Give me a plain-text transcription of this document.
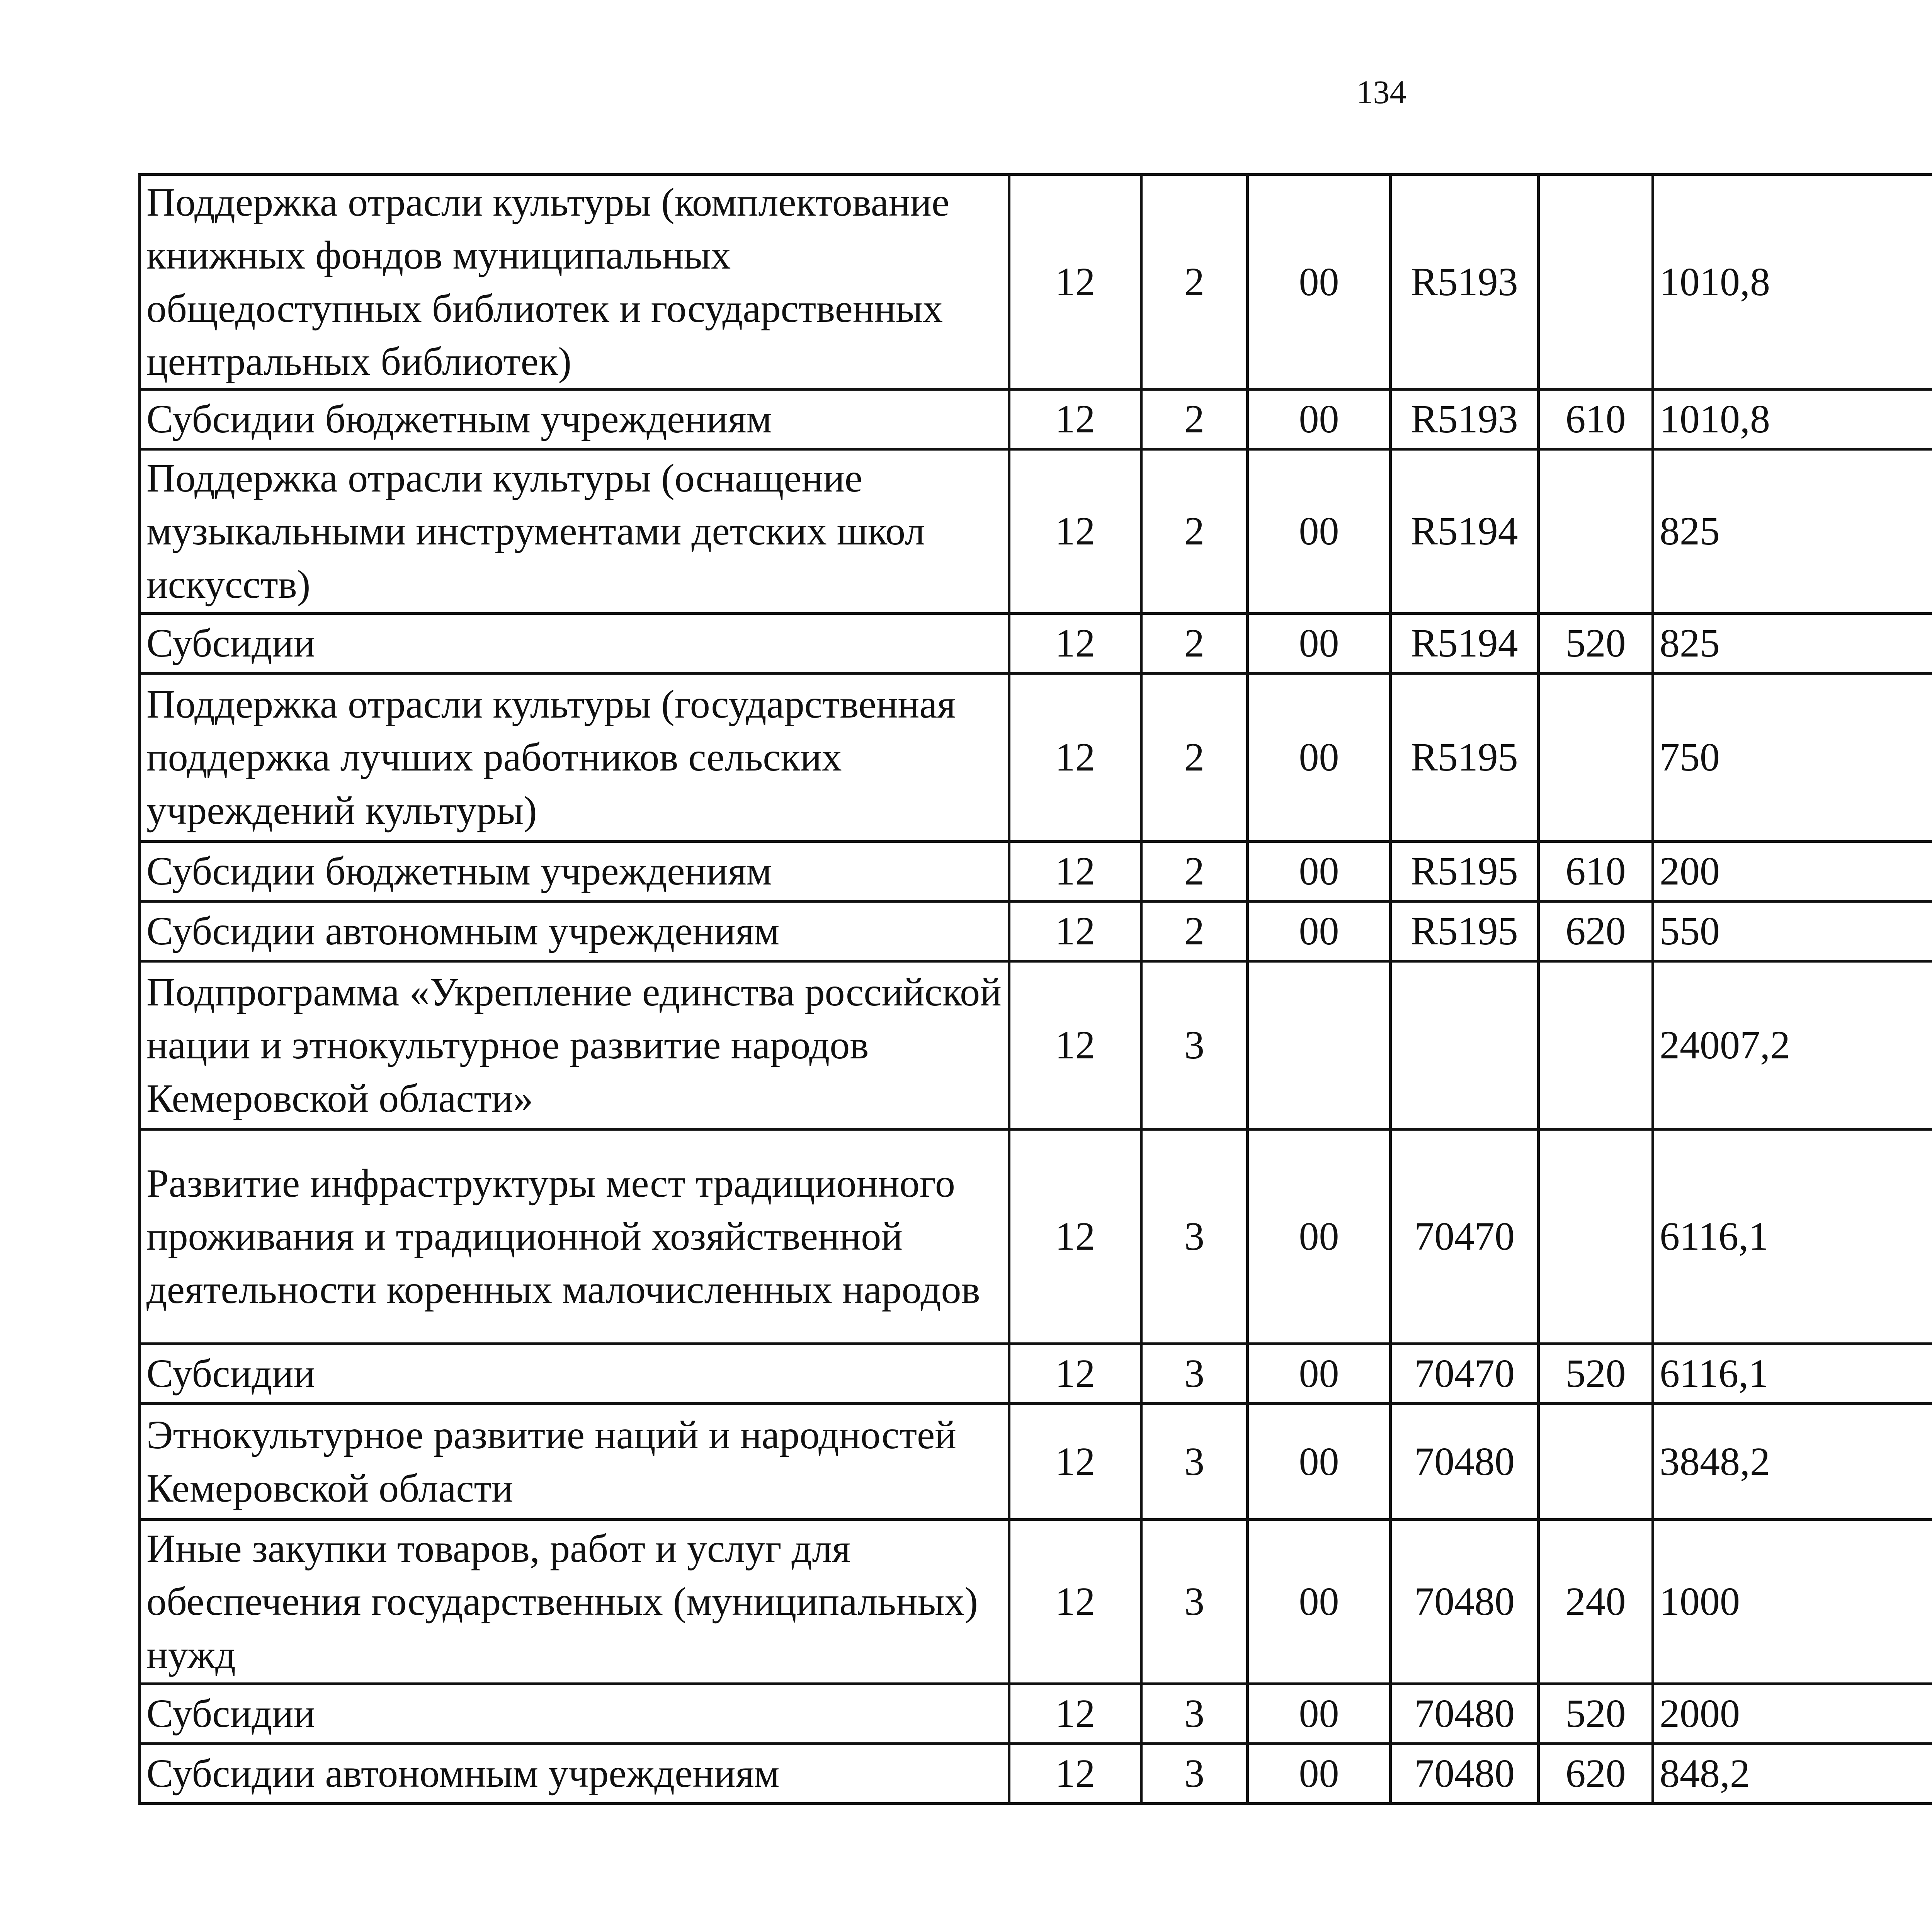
134
Поддержка отрасли культуры (комплектование книжных фондов муниципальных общедоступных библиотек и государственных центральных библиотек)	12	2	00	R5193		1010,8		
Субсидии бюджетным учреждениям	12	2	00	R5193	610	1010,8		
Поддержка отрасли культуры (оснащение музыкальными инструментами детских школ искусств)	12	2	00	R5194		825		
Субсидии	12	2	00	R5194	520	825		
Поддержка отрасли культуры (государственная поддержка лучших работников сельских учреждений культуры)	12	2	00	R5195		750		
Субсидии бюджетным учреждениям	12	2	00	R5195	610	200		
Субсидии автономным учреждениям	12	2	00	R5195	620	550		
Подпрограмма «Укрепление единства российской нации и этнокультурное развитие народов Кемеровской области»	12	3				24007,2		
Развитие инфраструктуры мест традиционного проживания и традиционной хозяйственной деятельности коренных малочисленных народов	12	3	00	70470		6116,1		
Субсидии	12	3	00	70470	520	6116,1		
Этнокультурное развитие наций и народностей Кемеровской области	12	3	00	70480		3848,2		
Иные закупки товаров, работ и услуг для обеспечения государственных (муниципальных) нужд	12	3	00	70480	240	1000		
Субсидии	12	3	00	70480	520	2000		
Субсидии автономным учреждениям	12	3	00	70480	620	848,2		
